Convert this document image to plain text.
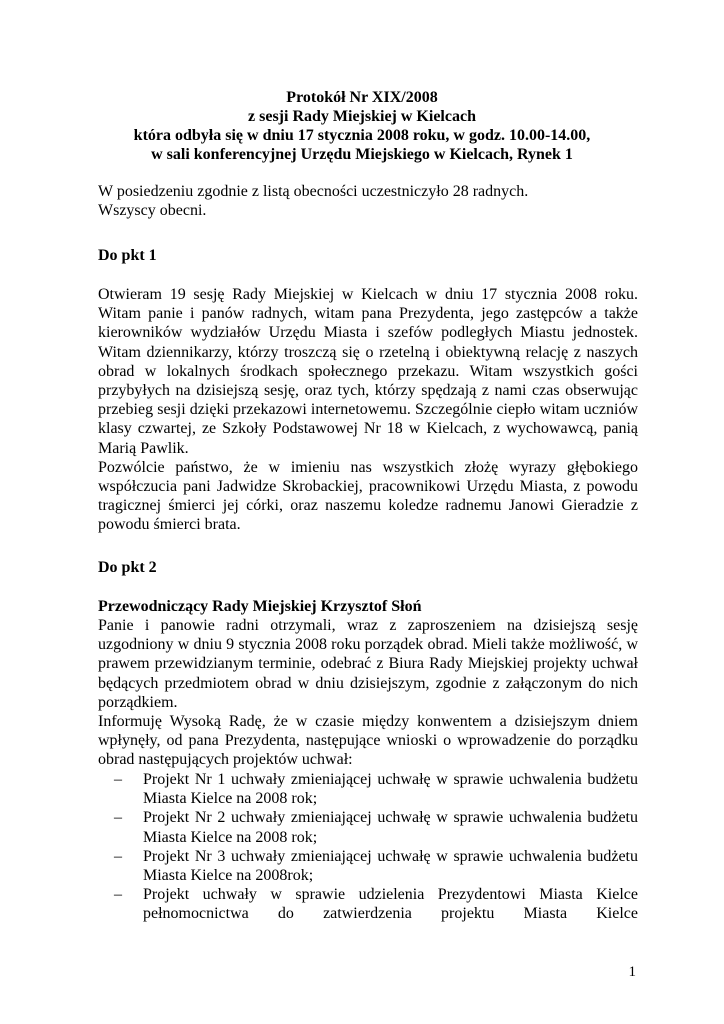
Protokół Nr XIX/2008
z sesji Rady Miejskiej w Kielcach
która odbyła się w dniu 17 stycznia 2008 roku, w godz. 10.00-14.00,
w sali konferencyjnej Urzędu Miejskiego w Kielcach, Rynek 1
W posiedzeniu zgodnie z listą obecności uczestniczyło 28 radnych.
Wszyscy obecni.
Do pkt 1

Otwieram 19 sesję Rady Miejskiej w Kielcach w dniu 17 stycznia 2008 roku. Witam panie i panów radnych, witam pana Prezydenta, jego zastępców a także kierowników wydziałów Urzędu Miasta i szefów podległych Miastu jednostek. Witam dziennikarzy, którzy troszczą się o rzetelną i obiektywną relację z naszych obrad w lokalnych środkach społecznego przekazu. Witam wszystkich gości przybyłych na dzisiejszą sesję, oraz tych, którzy spędzają z nami czas obserwując przebieg sesji dzięki przekazowi internetowemu. Szczególnie ciepło witam uczniów klasy czwartej, ze Szkoły Podstawowej Nr 18 w Kielcach, z wychowawcą, panią Marią Pawlik.

Pozwólcie państwo, że w imieniu nas wszystkich złożę wyrazy głębokiego współczucia pani Jadwidze Skrobackiej, pracownikowi Urzędu Miasta, z powodu tragicznej śmierci jej córki, oraz naszemu koledze radnemu Janowi Gieradzie z powodu śmierci brata.

Do pkt 2
Przewodniczący Rady Miejskiej Krzysztof Słoń

Panie i panowie radni otrzymali, wraz z zaproszeniem na dzisiejszą sesję uzgodniony w dniu 9 stycznia 2008 roku porządek obrad. Mieli także możliwość, w prawem przewidzianym terminie, odebrać z Biura Rady Miejskiej projekty uchwał będących przedmiotem obrad w dniu dzisiejszym, zgodnie z załączonym do nich porządkiem.

Informuję Wysoką Radę, że w czasie między konwentem a dzisiejszym dniem wpłynęły, od pana Prezydenta, następujące wnioski o wprowadzenie do porządku obrad następujących projektów uchwał:

– Projekt Nr 1 uchwały zmieniającej uchwałę w sprawie uchwalenia budżetu Miasta Kielce na 2008 rok;
– Projekt Nr 2 uchwały zmieniającej uchwałę w sprawie uchwalenia budżetu Miasta Kielce na 2008 rok;
– Projekt Nr 3 uchwały zmieniającej uchwałę w sprawie uchwalenia budżetu Miasta Kielce na 2008rok;
– Projekt uchwały w sprawie udzielenia Prezydentowi Miasta Kielce pełnomocnictwa do zatwierdzenia projektu Miasta Kielce
1
